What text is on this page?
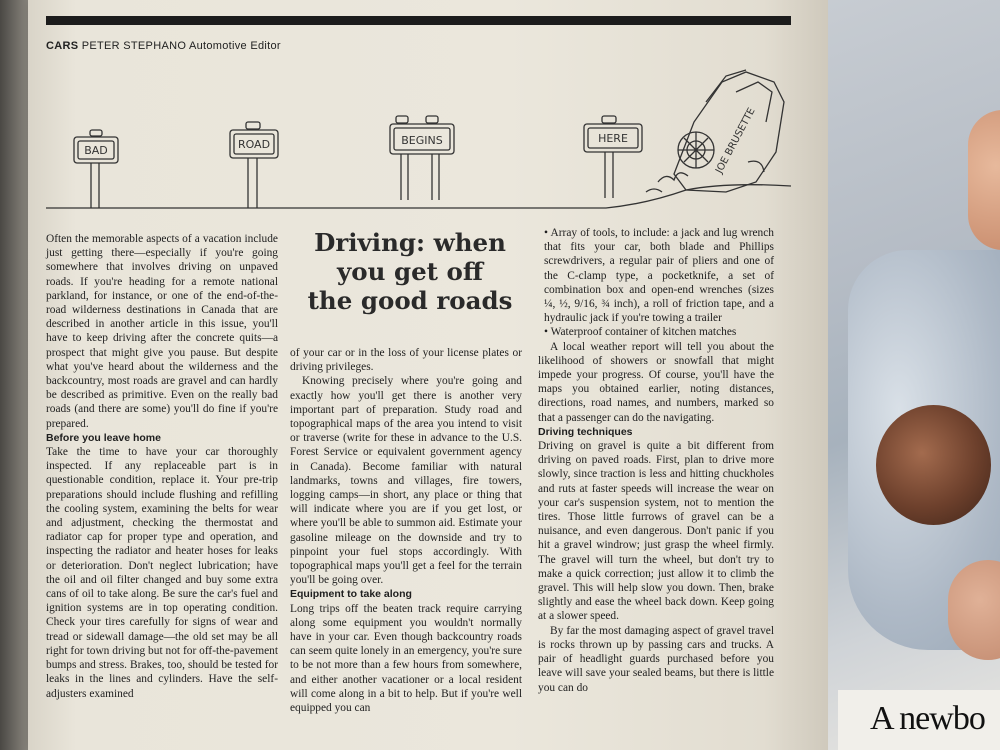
CARS PETER STEPHANO Automotive Editor
BAD	ROAD	BEGINS	HERE	JOE BRUSETTE

Often the memorable aspects of a vacation include just getting there—especially if you're going somewhere that involves driving on unpaved roads. If you're heading for a remote national parkland, for instance, or one of the end-of-the-road wilderness destinations in Canada that are described in another article in this issue, you'll have to keep driving after the concrete quits—a prospect that might give you pause. But despite what you've heard about the wilderness and the backcountry, most roads are gravel and can hardly be described as primitive. Even on the really bad roads (and there are some) you'll do fine if you're prepared.

Before you leave home

Take the time to have your car thoroughly inspected. If any replaceable part is in questionable condition, replace it. Your pre-trip preparations should include flushing and refilling the cooling system, examining the belts for wear and adjustment, checking the thermostat and radiator cap for proper type and operation, and inspecting the radiator and heater hoses for leaks or deterioration. Don't neglect lubrication; have the oil and oil filter changed and buy some extra cans of oil to take along. Be sure the car's fuel and ignition systems are in top operating condition. Check your tires carefully for signs of wear and tread or sidewall damage—the old set may be all right for town driving but not for off-the-pavement bumps and stress. Brakes, too, should be tested for leaks in the lines and cylinders. Have the self-adjusters examined

Driving: when
you get off
the good roads

of your car or in the loss of your license plates or driving privileges.

Knowing precisely where you're going and exactly how you'll get there is another very important part of preparation. Study road and topographical maps of the area you intend to visit or traverse (write for these in advance to the U.S. Forest Service or equivalent government agency in Canada). Become familiar with natural landmarks, towns and villages, fire towers, logging camps—in short, any place or thing that will indicate where you are if you get lost, or where you'll be able to summon aid. Estimate your gasoline mileage on the downside and try to pinpoint your fuel stops accordingly. With topographical maps you'll get a feel for the terrain you'll be going over.

Equipment to take along

Long trips off the beaten track require carrying along some equipment you wouldn't normally have in your car. Even though backcountry roads can seem quite lonely in an emergency, you're sure to be not more than a few hours from somewhere, and either another vacationer or a local resident will come along in a bit to help. But if you're well equipped you can

• Array of tools, to include: a jack and lug wrench that fits your car, both blade and Phillips screwdrivers, a regular pair of pliers and one of the C-clamp type, a pocketknife, a set of combination box and open-end wrenches (sizes ¼, ½, 9/16, ¾ inch), a roll of friction tape, and a hydraulic jack if you're towing a trailer

• Waterproof container of kitchen matches

A local weather report will tell you about the likelihood of showers or snowfall that might impede your progress. Of course, you'll have the maps you obtained earlier, noting distances, directions, road names, and numbers, marked so that a passenger can do the navigating.

Driving techniques

Driving on gravel is quite a bit different from driving on paved roads. First, plan to drive more slowly, since traction is less and hitting chuckholes and ruts at faster speeds will increase the wear on your car's suspension system, not to mention the tires. Those little furrows of gravel can be a nuisance, and even dangerous. Don't panic if you hit a gravel windrow; just grasp the wheel firmly. The gravel will turn the wheel, but don't try to make a quick correction; just allow it to climb the gravel. This will help slow you down. Then, brake slightly and ease the wheel back down. Keep going at a slower speed.

By far the most damaging aspect of gravel travel is rocks thrown up by passing cars and trucks. A pair of headlight guards purchased before you leave will save your sealed beams, but there is little you can do

A newbo
